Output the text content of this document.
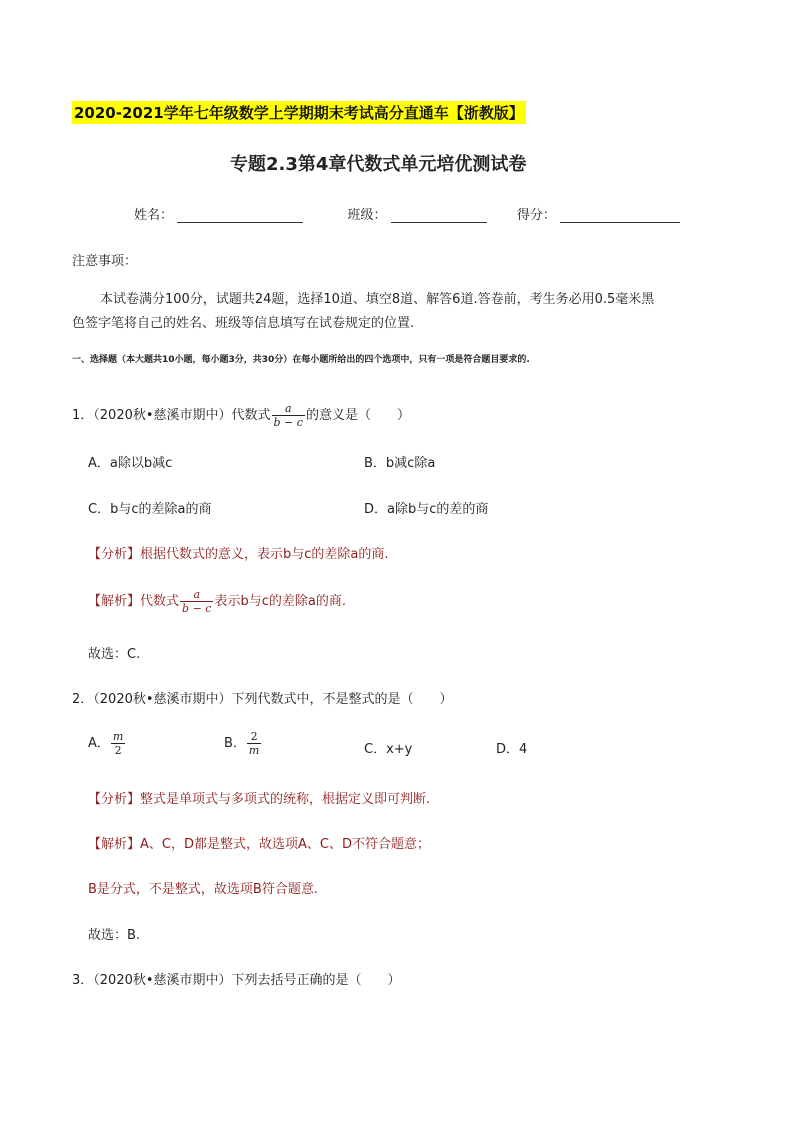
2020-2021学年七年级数学上学期期末考试高分直通车【浙教版】
专题2.3第4章代数式单元培优测试卷
姓名：	班级：	得分：
注意事项：
本试卷满分100分，试题共24题，选择10道、填空8道、解答6道.答卷前，考生务必用0.5毫米黑
色签字笔将自己的姓名、班级等信息填写在试卷规定的位置.
一、选择题（本大题共10小题，每小题3分，共30分）在每小题所给出的四个选项中，只有一项是符合题目要求的.
1．（2020秋•慈溪市期中）代数式 $\frac{a}{b - c}$ 的意义是（　　）
A．a除以b减c	B．b减c除a
C．b与c的差除a的商	D．a除b与c的差的商
【分析】根据代数式的意义，表示b与c的差除a的商.
【解析】代数式 $\frac{a}{b - c}$ 表示b与c的差除a的商.
故选：C.
2．（2020秋•慈溪市期中）下列代数式中，不是整式的是（　　）
A． $\frac{m}{2}$	B． $\frac{2}{m}$	C．x+y	D．4
【分析】整式是单项式与多项式的统称，根据定义即可判断.
【解析】A、C，D都是整式，故选项A、C、D不符合题意；
B是分式，不是整式，故选项B符合题意.
故选：B.
3．（2020秋•慈溪市期中）下列去括号正确的是（　　）
